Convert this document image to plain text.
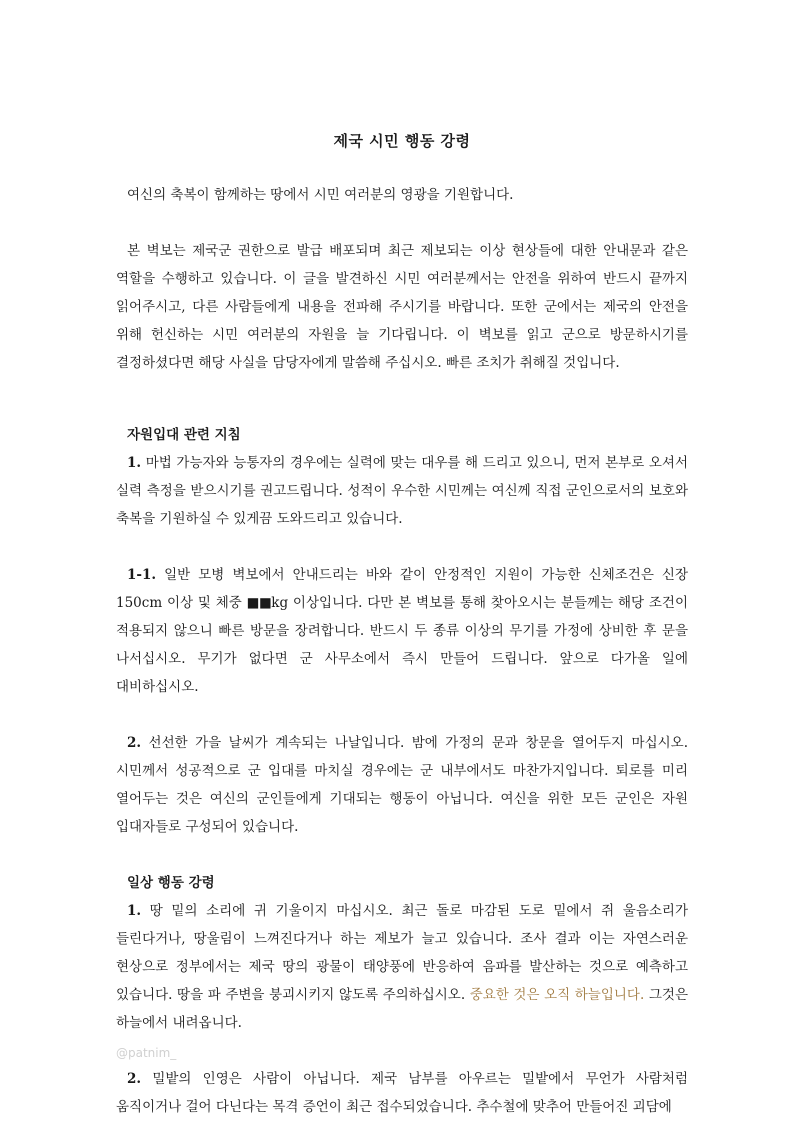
제국 시민 행동 강령

여신의 축복이 함께하는 땅에서 시민 여러분의 영광을 기원합니다.

본 벽보는 제국군 권한으로 발급 배포되며 최근 제보되는 이상 현상들에 대한 안내문과 같은 역할을 수행하고 있습니다. 이 글을 발견하신 시민 여러분께서는 안전을 위하여 반드시 끝까지 읽어주시고, 다른 사람들에게 내용을 전파해 주시기를 바랍니다. 또한 군에서는 제국의 안전을 위해 헌신하는 시민 여러분의 자원을 늘 기다립니다. 이 벽보를 읽고 군으로 방문하시기를 결정하셨다면 해당 사실을 담당자에게 말씀해 주십시오. 빠른 조치가 취해질 것입니다.

자원입대 관련 지침

1. 마법 가능자와 능통자의 경우에는 실력에 맞는 대우를 해 드리고 있으니, 먼저 본부로 오셔서 실력 측정을 받으시기를 권고드립니다. 성적이 우수한 시민께는 여신께 직접 군인으로서의 보호와 축복을 기원하실 수 있게끔 도와드리고 있습니다.

1-1. 일반 모병 벽보에서 안내드리는 바와 같이 안정적인 지원이 가능한 신체조건은 신장 150cm 이상 및 체중 ■■kg 이상입니다. 다만 본 벽보를 통해 찾아오시는 분들께는 해당 조건이 적용되지 않으니 빠른 방문을 장려합니다. 반드시 두 종류 이상의 무기를 가정에 상비한 후 문을 나서십시오. 무기가 없다면 군 사무소에서 즉시 만들어 드립니다. 앞으로 다가올 일에 대비하십시오.

2. 선선한 가을 날씨가 계속되는 나날입니다. 밤에 가정의 문과 창문을 열어두지 마십시오. 시민께서 성공적으로 군 입대를 마치실 경우에는 군 내부에서도 마찬가지입니다. 퇴로를 미리 열어두는 것은 여신의 군인들에게 기대되는 행동이 아닙니다. 여신을 위한 모든 군인은 자원 입대자들로 구성되어 있습니다.

일상 행동 강령

1. 땅 밑의 소리에 귀 기울이지 마십시오. 최근 돌로 마감된 도로 밑에서 쥐 울음소리가 들린다거나, 땅울림이 느껴진다거나 하는 제보가 늘고 있습니다. 조사 결과 이는 자연스러운 현상으로 정부에서는 제국 땅의 광물이 태양풍에 반응하여 음파를 발산하는 것으로 예측하고 있습니다. 땅을 파 주변을 붕괴시키지 않도록 주의하십시오. 중요한 것은 오직 하늘입니다. 그것은 하늘에서 내려옵니다.

2. 밀밭의 인영은 사람이 아닙니다. 제국 남부를 아우르는 밀밭에서 무언가 사람처럼 움직이거나 걸어 다닌다는 목격 증언이 최근 접수되었습니다. 추수철에 맞추어 만들어진 괴담에

@patnim_
